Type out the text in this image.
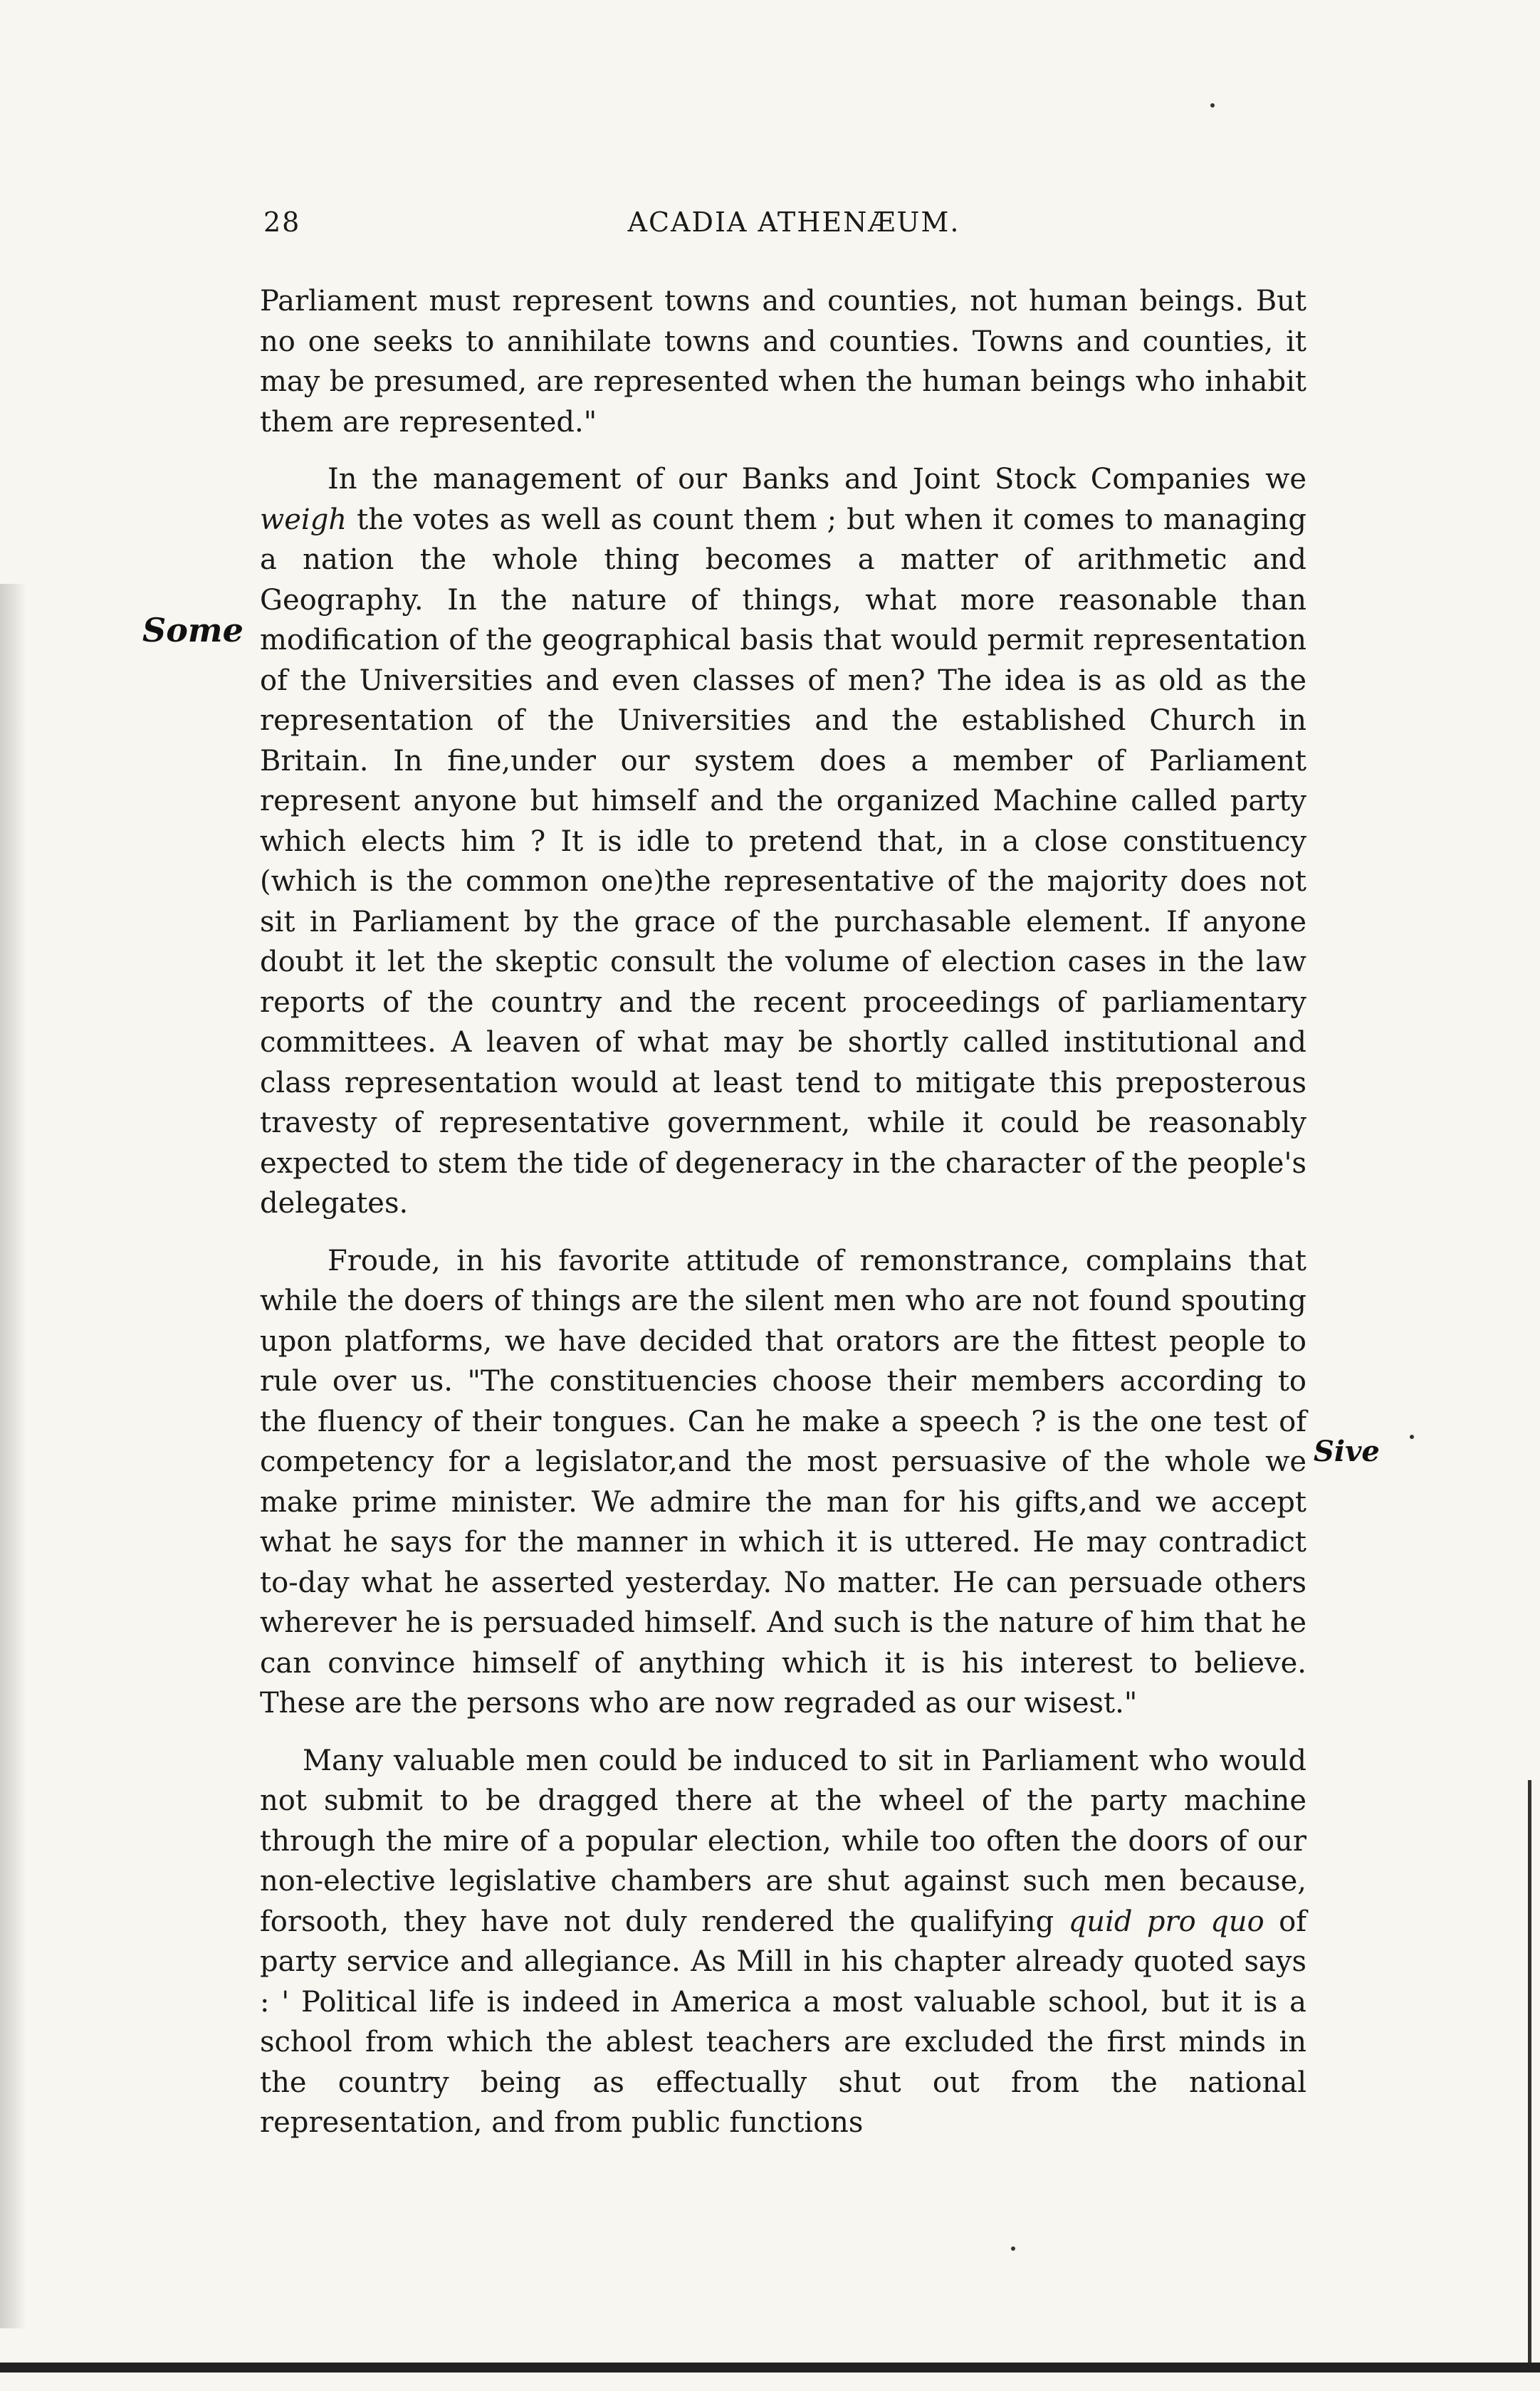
28	ACADIA ATHENÆUM.
Some
Sive

Parliament must represent towns and counties, not human beings. But no one seeks to annihilate towns and counties. Towns and counties, it may be presumed, are represented when the human beings who inhabit them are represented."

In the management of our Banks and Joint Stock Companies we weigh the votes as well as count them ; but when it comes to managing a nation the whole thing becomes a matter of arithmetic and Geography. In the nature of things, what more reasonable than modification of the geographical basis that would permit representation of the Universities and even classes of men? The idea is as old as the representation of the Universities and the established Church in Britain. In fine,under our system does a member of Parliament represent anyone but himself and the organized Machine called party which elects him ? It is idle to pretend that, in a close constituency (which is the common one)the representative of the majority does not sit in Parliament by the grace of the purchasable element. If anyone doubt it let the skeptic consult the volume of election cases in the law reports of the country and the recent proceedings of parliamentary committees. A leaven of what may be shortly called institutional and class representation would at least tend to mitigate this preposterous travesty of representative government, while it could be reasonably expected to stem the tide of degeneracy in the character of the people's delegates.

Froude, in his favorite attitude of remonstrance, complains that while the doers of things are the silent men who are not found spouting upon platforms, we have decided that orators are the fittest people to rule over us. "The constituencies choose their members according to the fluency of their tongues. Can he make a speech ? is the one test of competency for a legislator,and the most persuasive of the whole we make prime minister. We admire the man for his gifts,and we accept what he says for the manner in which it is uttered. He may contradict to-day what he asserted yesterday. No matter. He can persuade others wherever he is persuaded himself. And such is the nature of him that he can convince himself of anything which it is his interest to believe. These are the persons who are now regraded as our wisest."

Many valuable men could be induced to sit in Parliament who would not submit to be dragged there at the wheel of the party machine through the mire of a popular election, while too often the doors of our non-elective legislative chambers are shut against such men because, forsooth, they have not duly rendered the qualifying quid pro quo of party service and allegiance. As Mill in his chapter already quoted says : ' Political life is indeed in America a most valuable school, but it is a school from which the ablest teachers are excluded the first minds in the country being as effectually shut out from the national representation, and from public functions
